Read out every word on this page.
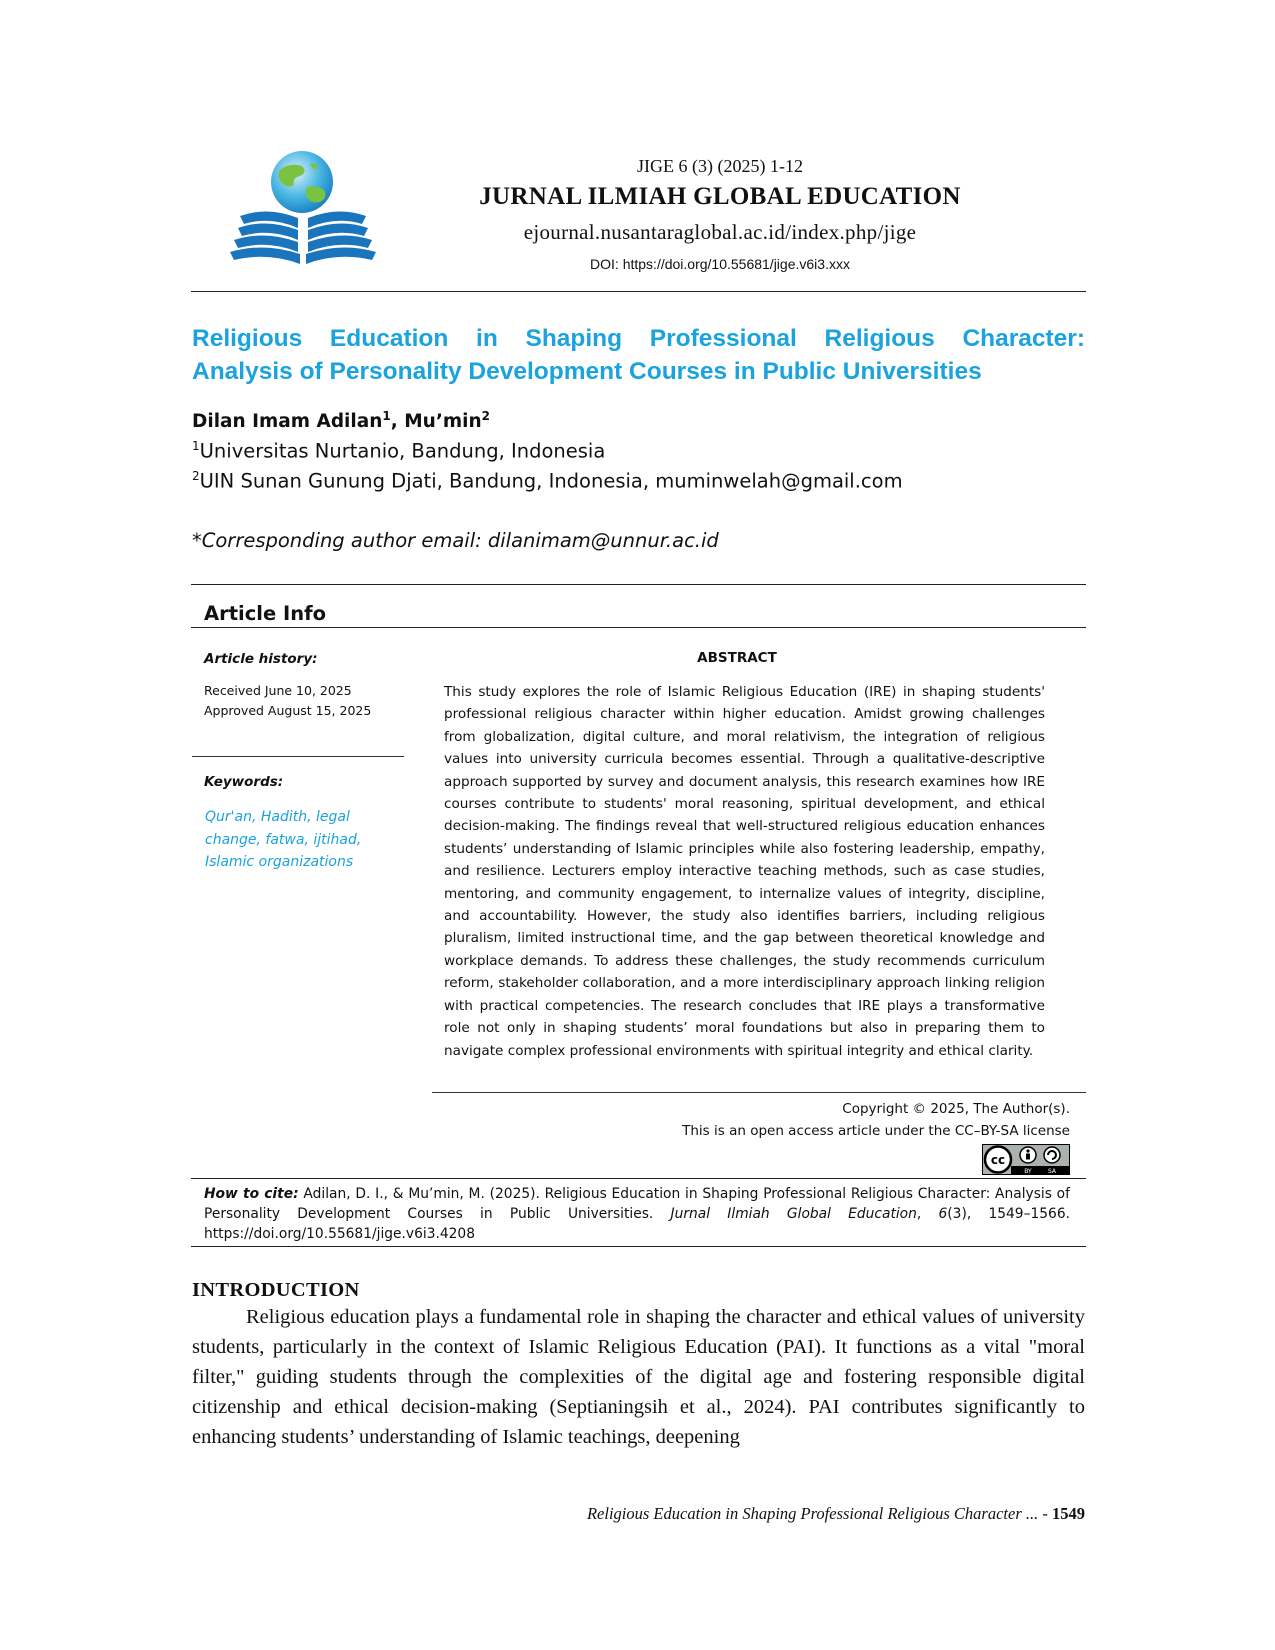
JIGE 6 (3) (2025) 1-12
JURNAL ILMIAH GLOBAL EDUCATION
ejournal.nusantaraglobal.ac.id/index.php/jige
DOI: https://doi.org/10.55681/jige.v6i3.xxx
Religious Education in Shaping Professional Religious Character:
Analysis of Personality Development Courses in Public Universities
Dilan Imam Adilan$^1$, $Mu’\min^2$
$^1$Universitas Nurtanio, Bandung, Indonesia
$^2$UIN Sunan Gunung Djati, Bandung, Indonesia, muminwelah@gmail.com
*Corresponding author email: dilanimam@unnur.ac.id
Article Info
Article history:
Received June 10, 2025
Approved August 15, 2025
Keywords:
Qur'an, Hadith, legal change, fatwa, ijtihad, Islamic organizations
ABSTRACT
This study explores the role of Islamic Religious Education (IRE) in shaping students' professional religious character within higher education. Amidst growing challenges from globalization, digital culture, and moral relativism, the integration of religious values into university curricula becomes essential. Through a qualitative-descriptive approach supported by survey and document analysis, this research examines how IRE courses contribute to students' moral reasoning, spiritual development, and ethical decision-making. The findings reveal that well-structured religious education enhances students’ understanding of Islamic principles while also fostering leadership, empathy, and resilience. Lecturers employ interactive teaching methods, such as case studies, mentoring, and community engagement, to internalize values of integrity, discipline, and accountability. However, the study also identifies barriers, including religious pluralism, limited instructional time, and the gap between theoretical knowledge and workplace demands. To address these challenges, the study recommends curriculum reform, stakeholder collaboration, and a more interdisciplinary approach linking religion with practical competencies. The research concludes that IRE plays a transformative role not only in shaping students’ moral foundations but also in preparing them to navigate complex professional environments with spiritual integrity and ethical clarity.
Copyright © 2025, The Author(s).
This is an open access article under the CC–BY-SA license
cc
BY	SA
How to cite: Adilan, D. I., & Mu’min, M. (2025). Religious Education in Shaping Professional Religious Character: Analysis of Personality Development Courses in Public Universities. Jurnal Ilmiah Global Education, 6(3), 1549–1566. https://doi.org/10.55681/jige.v6i3.4208
INTRODUCTION
Religious education plays a fundamental role in shaping the character and ethical values of university students, particularly in the context of Islamic Religious Education (PAI). It functions as a vital "moral filter," guiding students through the complexities of the digital age and fostering responsible digital citizenship and ethical decision-making (Septianingsih et al., 2024). PAI contributes significantly to enhancing students’ understanding of Islamic teachings, deepening
Religious Education in Shaping Professional Religious Character ... - 1549
